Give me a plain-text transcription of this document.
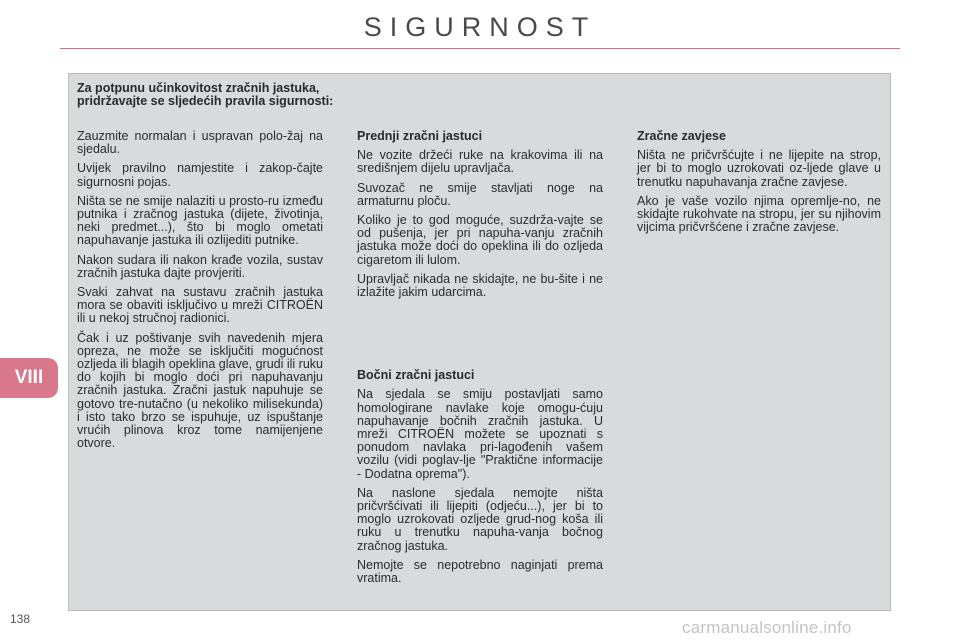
SIGURNOST
VIII
Za potpunu učinkovitost zračnih jastuka, pridržavajte se sljedećih pravila sigurnosti:

Zauzmite normalan i uspravan polo-žaj na sjedalu.

Uvijek pravilno namjestite i zakop-čajte sigurnosni pojas.

Ništa se ne smije nalaziti u prosto-ru između putnika i zračnog jastuka (dijete, životinja, neki predmet...), što bi moglo ometati napuhavanje jastuka ili ozlijediti putnike.

Nakon sudara ili nakon krađe vozila, sustav zračnih jastuka dajte provjeriti.

Svaki zahvat na sustavu zračnih jastuka mora se obaviti isključivo u mreži CITROËN ili u nekoj stručnoj radionici.

Čak i uz poštivanje svih navedenih mjera opreza, ne može se isključiti mogućnost ozljeda ili blagih opeklina glave, grudi ili ruku do kojih bi moglo doći pri napuhavanju zračnih jastuka. Zračni jastuk napuhuje se gotovo tre-nutačno (u nekoliko milisekunda) i isto tako brzo se ispuhuje, uz ispuštanje vrućih plinova kroz tome namijenjene otvore.

Prednji zračni jastuci

Ne vozite držeći ruke na krakovima ili na središnjem dijelu upravljača.

Suvozač ne smije stavljati noge na armaturnu ploču.

Koliko je to god moguće, suzdrža-vajte se od pušenja, jer pri napuha-vanju zračnih jastuka može doći do opeklina ili do ozljeda cigaretom ili lulom.

Upravljač nikada ne skidajte, ne bu-šite i ne izlažite jakim udarcima.

Bočni zračni jastuci

Na sjedala se smiju postavljati samo homologirane navlake koje omogu-ćuju napuhavanje bočnih zračnih jastuka. U mreži CITROËN možete se upoznati s ponudom navlaka pri-lagođenih vašem vozilu (vidi poglav-lje "Praktične informacije - Dodatna oprema").

Na naslone sjedala nemojte ništa pričvršćivati ili lijepiti (odjeću...), jer bi to moglo uzrokovati ozljede grud-nog koša ili ruku u trenutku napuha-vanja bočnog zračnog jastuka.

Nemojte se nepotrebno naginjati prema vratima.

Zračne zavjese

Ništa ne pričvršćujte i ne lijepite na strop, jer bi to moglo uzrokovati oz-ljede glave u trenutku napuhavanja zračne zavjese.

Ako je vaše vozilo njima opremlje-no, ne skidajte rukohvate na stropu, jer su njihovim vijcima pričvršćene i zračne zavjese.

138	carmanualsonline.info
